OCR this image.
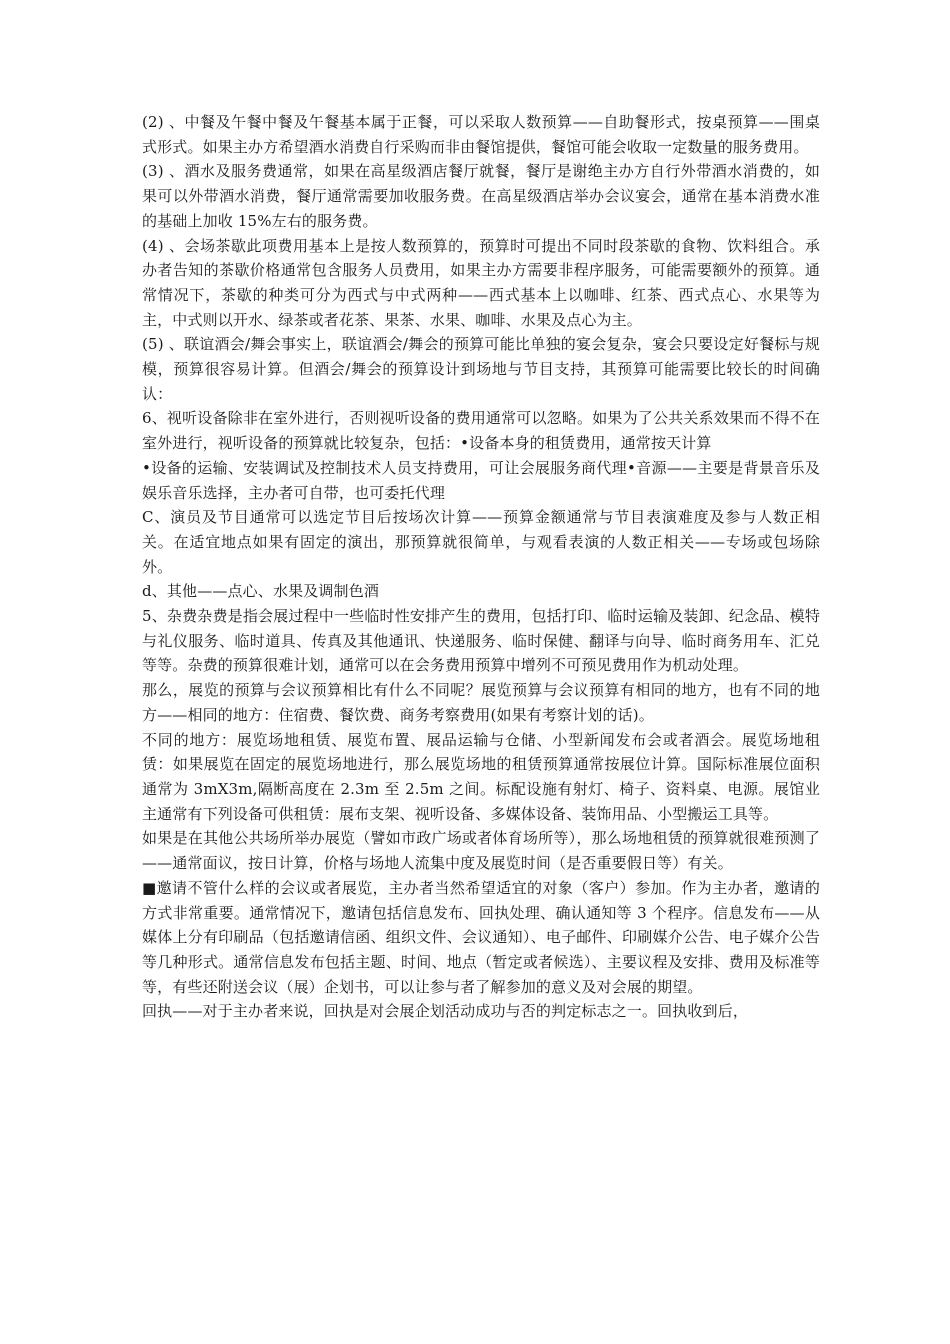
(2) 、中餐及午餐中餐及午餐基本属于正餐，可以采取人数预算——自助餐形式，按桌预算——围桌式形式。如果主办方希望酒水消费自行采购而非由餐馆提供，餐馆可能会收取一定数量的服务费用。

(3) 、酒水及服务费通常，如果在高星级酒店餐厅就餐，餐厅是谢绝主办方自行外带酒水消费的，如果可以外带酒水消费，餐厅通常需要加收服务费。在高星级酒店举办会议宴会，通常在基本消费水准的基础上加收 15%左右的服务费。

(4) 、会场茶歇此项费用基本上是按人数预算的，预算时可提出不同时段茶歇的食物、饮料组合。承办者告知的茶歇价格通常包含服务人员费用，如果主办方需要非程序服务，可能需要额外的预算。通常情况下，茶歇的种类可分为西式与中式两种——西式基本上以咖啡、红茶、西式点心、水果等为主，中式则以开水、绿茶或者花茶、果茶、水果、咖啡、水果及点心为主。

(5) 、联谊酒会/舞会事实上，联谊酒会/舞会的预算可能比单独的宴会复杂，宴会只要设定好餐标与规模，预算很容易计算。但酒会/舞会的预算设计到场地与节目支持，其预算可能需要比较长的时间确认：

6、视听设备除非在室外进行，否则视听设备的费用通常可以忽略。如果为了公共关系效果而不得不在室外进行，视听设备的预算就比较复杂，包括：•设备本身的租赁费用，通常按天计算

•设备的运输、安装调试及控制技术人员支持费用，可让会展服务商代理•音源——主要是背景音乐及娱乐音乐选择，主办者可自带，也可委托代理

C、演员及节目通常可以选定节目后按场次计算——预算金额通常与节目表演难度及参与人数正相关。在适宜地点如果有固定的演出，那预算就很简单，与观看表演的人数正相关——专场或包场除外。

d、其他——点心、水果及调制色酒

5、杂费杂费是指会展过程中一些临时性安排产生的费用，包括打印、临时运输及装卸、纪念品、模特与礼仪服务、临时道具、传真及其他通讯、快递服务、临时保健、翻译与向导、临时商务用车、汇兑等等。杂费的预算很难计划，通常可以在会务费用预算中增列不可预见费用作为机动处理。

那么，展览的预算与会议预算相比有什么不同呢？展览预算与会议预算有相同的地方，也有不同的地方——相同的地方：住宿费、餐饮费、商务考察费用(如果有考察计划的话)。

不同的地方：展览场地租赁、展览布置、展品运输与仓储、小型新闻发布会或者酒会。展览场地租赁：如果展览在固定的展览场地进行，那么展览场地的租赁预算通常按展位计算。国际标准展位面积通常为 3mX3m,隔断高度在 2.3m 至 2.5m 之间。标配设施有射灯、椅子、资料桌、电源。展馆业主通常有下列设备可供租赁：展布支架、视听设备、多媒体设备、装饰用品、小型搬运工具等。

如果是在其他公共场所举办展览（譬如市政广场或者体育场所等），那么场地租赁的预算就很难预测了——通常面议，按日计算，价格与场地人流集中度及展览时间（是否重要假日等）有关。

■邀请不管什么样的会议或者展览，主办者当然希望适宜的对象（客户）参加。作为主办者，邀请的方式非常重要。通常情况下，邀请包括信息发布、回执处理、确认通知等 3 个程序。信息发布——从媒体上分有印刷品（包括邀请信函、组织文件、会议通知）、电子邮件、印刷媒介公告、电子媒介公告等几种形式。通常信息发布包括主题、时间、地点（暂定或者候选）、主要议程及安排、费用及标准等等，有些还附送会议（展）企划书，可以让参与者了解参加的意义及对会展的期望。

回执——对于主办者来说，回执是对会展企划活动成功与否的判定标志之一。回执收到后，
